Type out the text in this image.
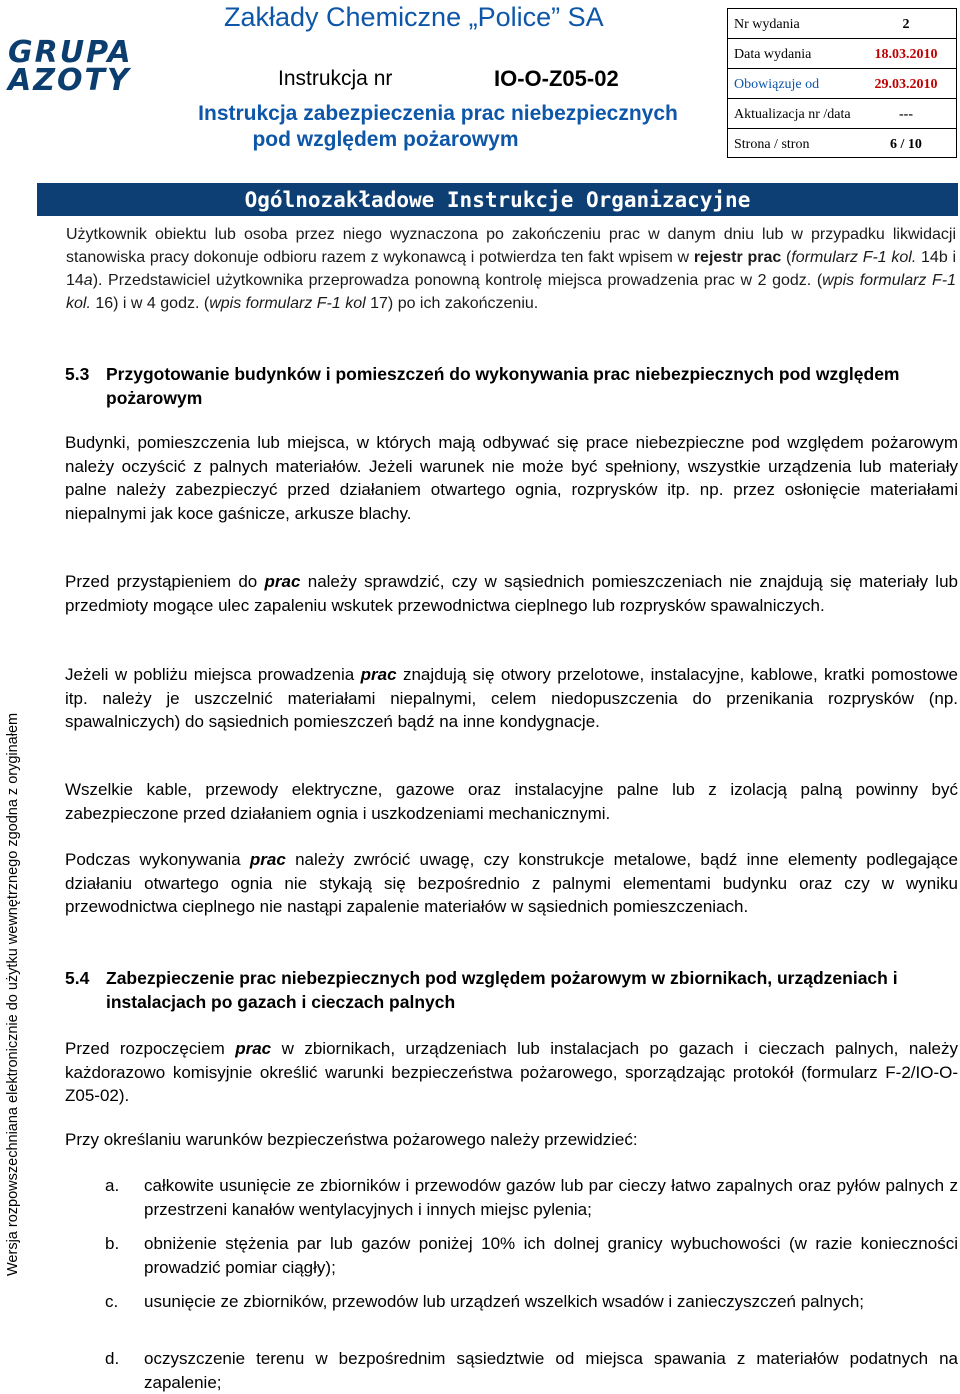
GRUPA
AZOTY
Zakłady Chemiczne „Police” SA
Instrukcja nr	IO-O-Z05-02
Instrukcja zabezpieczenia prac niebezpiecznych
pod względem pożarowym
Nr wydania	2
Data wydania	18.03.2010
Obowiązuje od	29.03.2010
Aktualizacja nr /data	---
Strona / stron	6 / 10
Ogólnozakładowe Instrukcje Organizacyjne
Wersja rozpowszechniana elektronicznie do użytku wewnętrznego zgodna z oryginałem
Użytkownik obiektu lub osoba przez niego wyznaczona po zakończeniu prac w danym dniu lub w przypadku likwidacji stanowiska pracy dokonuje odbioru razem z wykonawcą i potwierdza ten fakt wpisem w rejestr prac (formularz F-1 kol. 14b i 14a). Przedstawiciel użytkownika przeprowadza ponowną kontrolę miejsca prowadzenia prac w 2 godz. (wpis formularz F-1 kol. 16) i w 4 godz. (wpis formularz F-1 kol 17) po ich zakończeniu.
5.3 Przygotowanie budynków i pomieszczeń do wykonywania prac niebezpiecznych pod względem pożarowym
Budynki, pomieszczenia lub miejsca, w których mają odbywać się prace niebezpieczne pod względem pożarowym należy oczyścić z palnych materiałów. Jeżeli warunek nie może być spełniony, wszystkie urządzenia lub materiały palne należy zabezpieczyć przed działaniem otwartego ognia, rozprysków itp. np. przez osłonięcie materiałami niepalnymi jak koce gaśnicze, arkusze blachy.
Przed przystąpieniem do prac należy sprawdzić, czy w sąsiednich pomieszczeniach nie znajdują się materiały lub przedmioty mogące ulec zapaleniu wskutek przewodnictwa cieplnego lub rozprysków spawalniczych.
Jeżeli w pobliżu miejsca prowadzenia prac znajdują się otwory przelotowe, instalacyjne, kablowe, kratki pomostowe itp. należy je uszczelnić materiałami niepalnymi, celem niedopuszczenia do przenikania rozprysków (np. spawalniczych) do sąsiednich pomieszczeń bądź na inne kondygnacje.
Wszelkie kable, przewody elektryczne, gazowe oraz instalacyjne palne lub z izolacją palną powinny być zabezpieczone przed działaniem ognia i uszkodzeniami mechanicznymi.
Podczas wykonywania prac należy zwrócić uwagę, czy konstrukcje metalowe, bądź inne elementy podlegające działaniu otwartego ognia nie stykają się bezpośrednio z palnymi elementami budynku oraz czy w wyniku przewodnictwa cieplnego nie nastąpi zapalenie materiałów w sąsiednich pomieszczeniach.
5.4 Zabezpieczenie prac niebezpiecznych pod względem pożarowym w zbiornikach, urządzeniach i instalacjach po gazach i cieczach palnych
Przed rozpoczęciem prac w zbiornikach, urządzeniach lub instalacjach po gazach i cieczach palnych, należy każdorazowo komisyjnie określić warunki bezpieczeństwa pożarowego, sporządzając protokół (formularz F-2/IO-O-Z05-02).
Przy określaniu warunków bezpieczeństwa pożarowego należy przewidzieć:
a. całkowite usunięcie ze zbiorników i przewodów gazów lub par cieczy łatwo zapalnych oraz pyłów palnych z przestrzeni kanałów wentylacyjnych i innych miejsc pylenia;
b. obniżenie stężenia par lub gazów poniżej 10% ich dolnej granicy wybuchowości (w razie konieczności prowadzić pomiar ciągły);
c. usunięcie ze zbiorników, przewodów lub urządzeń wszelkich wsadów i zanieczyszczeń palnych;
d. oczyszczenie terenu w bezpośrednim sąsiedztwie od miejsca spawania z materiałów podatnych na zapalenie;
